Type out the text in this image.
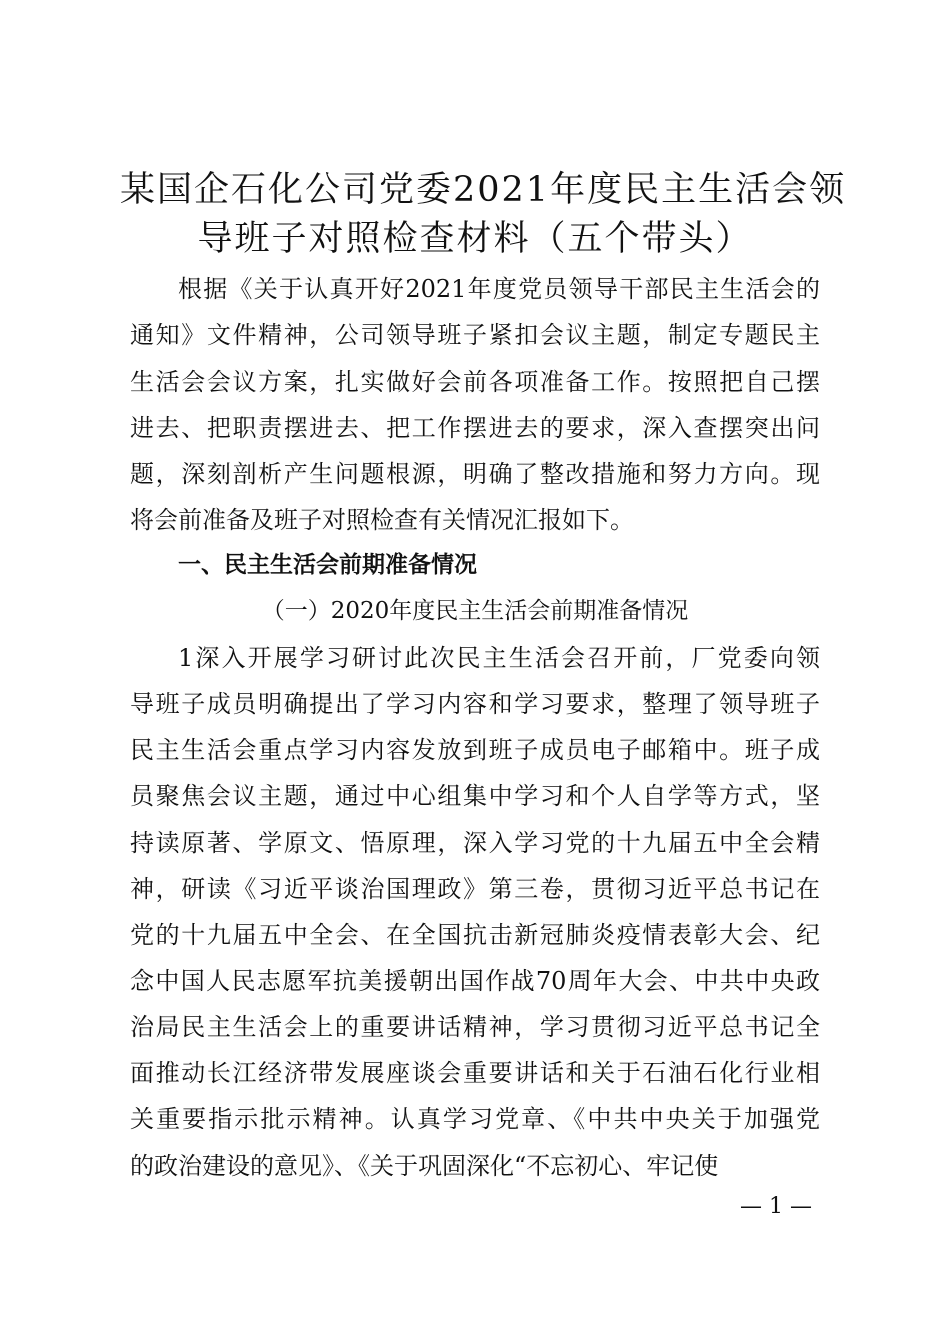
某国企石化公司党委2021年度民主生活会领
导班子对照检查材料（五个带头）
根据《关于认真开好2021年度党员领导干部民主生活会的
通知》文件精神，公司领导班子紧扣会议主题，制定专题民主
生活会会议方案，扎实做好会前各项准备工作。按照把自己摆
进去、把职责摆进去、把工作摆进去的要求，深入查摆突出问
题，深刻剖析产生问题根源，明确了整改措施和努力方向。现
将会前准备及班子对照检查有关情况汇报如下。
一、民主生活会前期准备情况
（一）2020年度民主生活会前期准备情况
1深入开展学习研讨此次民主生活会召开前，厂党委向领
导班子成员明确提出了学习内容和学习要求，整理了领导班子
民主生活会重点学习内容发放到班子成员电子邮箱中。班子成
员聚焦会议主题，通过中心组集中学习和个人自学等方式，坚
持读原著、学原文、悟原理，深入学习党的十九届五中全会精
神，研读《习近平谈治国理政》第三卷，贯彻习近平总书记在
党的十九届五中全会、在全国抗击新冠肺炎疫情表彰大会、纪
念中国人民志愿军抗美援朝出国作战70周年大会、中共中央政
治局民主生活会上的重要讲话精神，学习贯彻习近平总书记全
面推动长江经济带发展座谈会重要讲话和关于石油石化行业相
关重要指示批示精神。认真学习党章、《中共中央关于加强党
的政治建设的意见》、《关于巩固深化“不忘初心、牢记使
— 1 —
